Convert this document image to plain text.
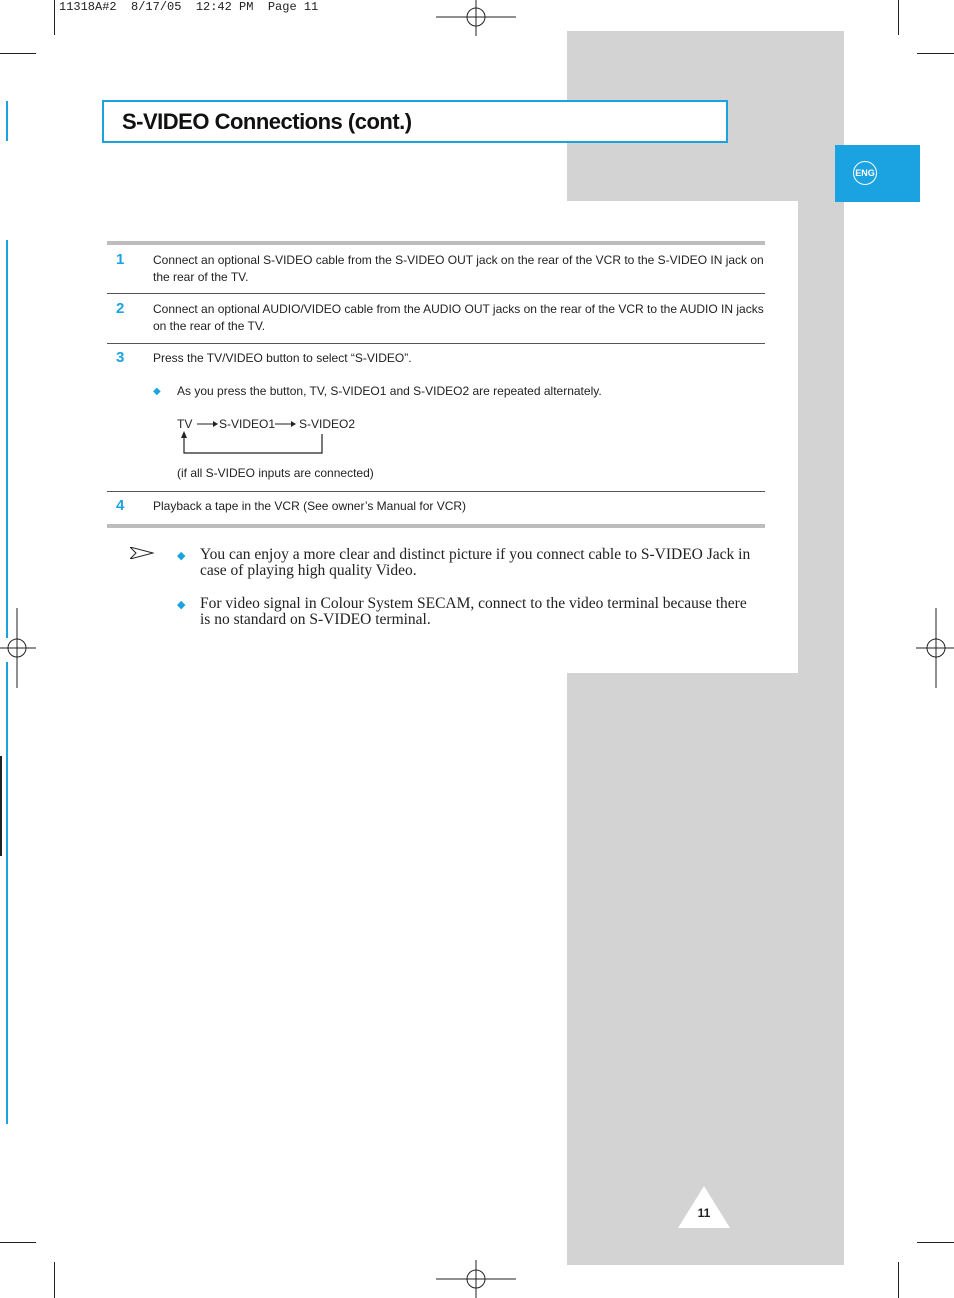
11318A#2  8/17/05  12:42 PM  Page 11
S-VIDEO Connections (cont.)
ENG
1 Connect an optional S-VIDEO cable from the S-VIDEO OUT jack on the rear of the VCR to the S-VIDEO IN jack on the rear of the TV.
2 Connect an optional AUDIO/VIDEO cable from the AUDIO OUT jacks on the rear of the VCR to the AUDIO IN jacks on the rear of the TV.
3 Press the TV/VIDEO button to select “S-VIDEO”.
◆ As you press the button, TV, S-VIDEO1 and S-VIDEO2 are repeated alternately.
TV S-VIDEO1 S-VIDEO2
(if all S-VIDEO inputs are connected)
4 Playback a tape in the VCR (See owner’s Manual for VCR)
◆ You can enjoy a more clear and distinct picture if you connect cable to S-VIDEO Jack in case of playing high quality Video.
◆ For video signal in Colour System SECAM, connect to the video terminal because there is no standard on S-VIDEO terminal.
11
